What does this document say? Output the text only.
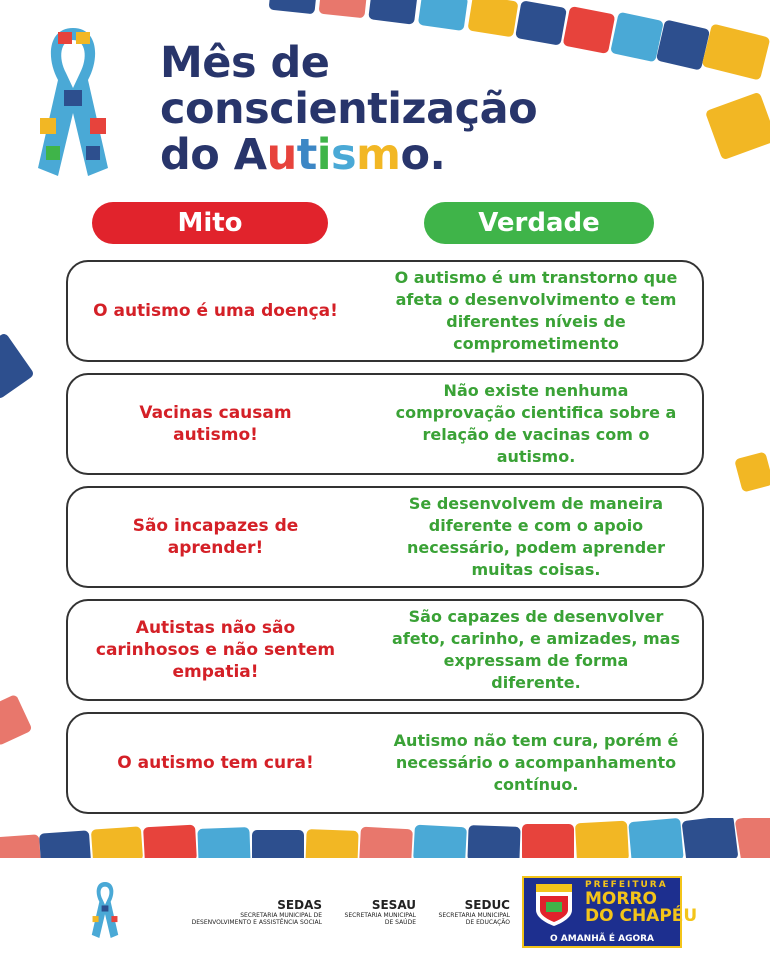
Mês de
conscientização
do Autismo.
Mito	Verdade
O autismo é uma doença!
O autismo é um transtorno que
afeta o desenvolvimento e tem
diferentes níveis de
comprometimento
Vacinas causam
autismo!
Não existe nenhuma
comprovação cientifica sobre a
relação de vacinas com o
autismo.
São incapazes de
aprender!
Se desenvolvem de maneira
diferente e com o apoio
necessário, podem aprender
muitas coisas.
Autistas não são
carinhosos e não sentem
empatia!
São capazes de desenvolver
afeto, carinho, e amizades, mas
expressam de forma
diferente.
O autismo tem cura!
Autismo não tem cura, porém é
necessário o acompanhamento
contínuo.
SEDAS
SECRETARIA MUNICIPAL DE
DESENVOLVIMENTO E ASSISTÊNCIA SOCIAL
SESAU
SECRETARIA MUNICIPAL
DE SAÚDE
SEDUC
SECRETARIA MUNICIPAL
DE EDUCAÇÃO
PREFEITURA
MORRO
DO CHAPÉU
O AMANHÃ É AGORA
